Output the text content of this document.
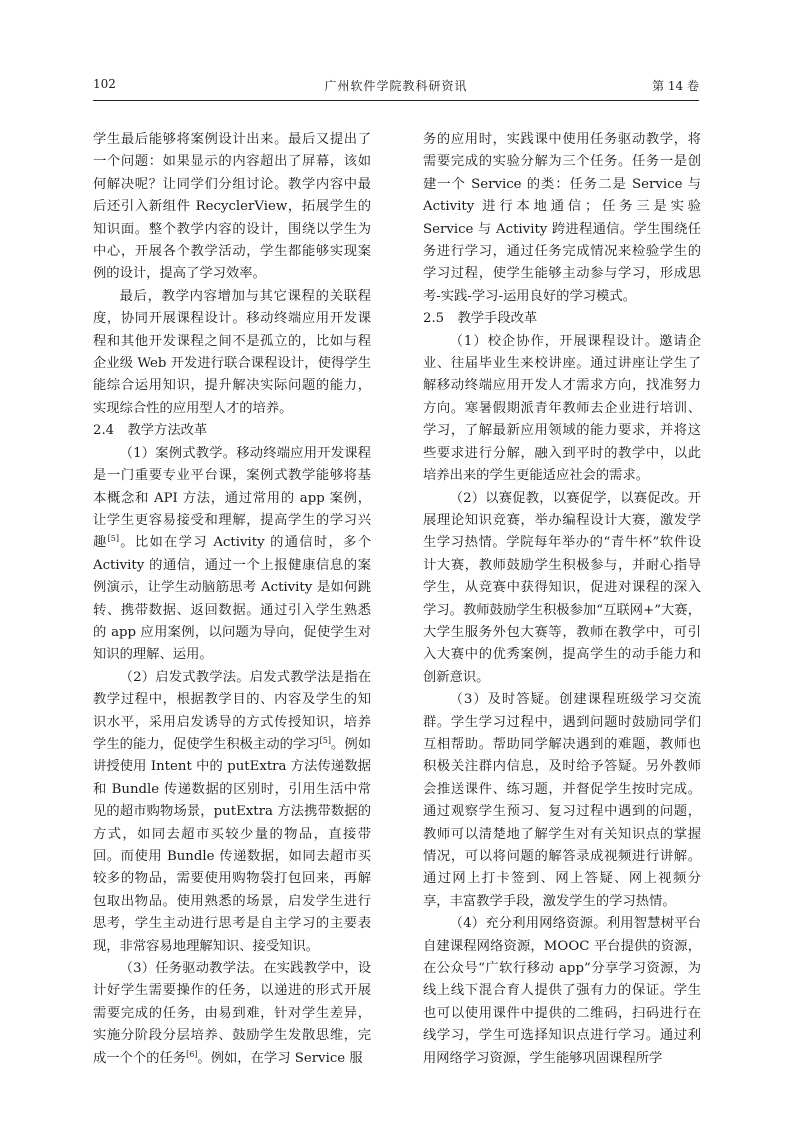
102	广州软件学院教科研资讯	第 14 卷

学生最后能够将案例设计出来。最后又提出了一个问题：如果显示的内容超出了屏幕，该如何解决呢？让同学们分组讨论。教学内容中最后还引入新组件 RecyclerView，拓展学生的知识面。整个教学内容的设计，围绕以学生为中心，开展各个教学活动，学生都能够实现案例的设计，提高了学习效率。

最后，教学内容增加与其它课程的关联程度，协同开展课程设计。移动终端应用开发课程和其他开发课程之间不是孤立的，比如与程企业级 Web 开发进行联合课程设计，使得学生能综合运用知识，提升解决实际问题的能力，实现综合性的应用型人才的培养。

2.4　教学方法改革

（1）案例式教学。移动终端应用开发课程是一门重要专业平台课，案例式教学能够将基本概念和 API 方法，通过常用的 app 案例，让学生更容易接受和理解，提高学生的学习兴趣[5]。比如在学习 Activity 的通信时，多个 Activity 的通信，通过一个上报健康信息的案例演示，让学生动脑筋思考 Activity 是如何跳转、携带数据、返回数据。通过引入学生熟悉的 app 应用案例，以问题为导向，促使学生对知识的理解、运用。

（2）启发式教学法。启发式教学法是指在教学过程中，根据教学目的、内容及学生的知识水平，采用启发诱导的方式传授知识，培养学生的能力，促使学生积极主动的学习[5]。例如讲授使用 Intent 中的 putExtra 方法传递数据和 Bundle 传递数据的区别时，引用生活中常见的超市购物场景，putExtra 方法携带数据的方式，如同去超市买较少量的物品，直接带回。而使用 Bundle 传递数据，如同去超市买较多的物品，需要使用购物袋打包回来，再解包取出物品。使用熟悉的场景，启发学生进行思考，学生主动进行思考是自主学习的主要表现，非常容易地理解知识、接受知识。

（3）任务驱动教学法。在实践教学中，设计好学生需要操作的任务，以递进的形式开展需要完成的任务，由易到难，针对学生差异，实施分阶段分层培养、鼓励学生发散思维，完成一个个的任务[6]。例如，在学习 Service 服

务的应用时，实践课中使用任务驱动教学，将需要完成的实验分解为三个任务。任务一是创建一个 Service 的类：任务二是 Service 与 Activity 进行本地通信；任务三是实验 Service 与 Activity 跨进程通信。学生围绕任务进行学习，通过任务完成情况来检验学生的学习过程，使学生能够主动参与学习，形成思考-实践-学习-运用良好的学习模式。

2.5　教学手段改革

（1）校企协作，开展课程设计。邀请企业、往届毕业生来校讲座。通过讲座让学生了解移动终端应用开发人才需求方向，找准努力方向。寒暑假期派青年教师去企业进行培训、学习，了解最新应用领域的能力要求，并将这些要求进行分解，融入到平时的教学中，以此培养出来的学生更能适应社会的需求。

（2）以赛促教，以赛促学，以赛促改。开展理论知识竞赛，举办编程设计大赛，激发学生学习热情。学院每年举办的“青牛杯”软件设计大赛，教师鼓励学生积极参与，并耐心指导学生，从竞赛中获得知识，促进对课程的深入学习。教师鼓励学生积极参加“互联网+”大赛，大学生服务外包大赛等，教师在教学中，可引入大赛中的优秀案例，提高学生的动手能力和创新意识。

（3）及时答疑。创建课程班级学习交流群。学生学习过程中，遇到问题时鼓励同学们互相帮助。帮助同学解决遇到的难题，教师也积极关注群内信息，及时给予答疑。另外教师会推送课件、练习题，并督促学生按时完成。通过观察学生预习、复习过程中遇到的问题，教师可以清楚地了解学生对有关知识点的掌握情况，可以将问题的解答录成视频进行讲解。通过网上打卡签到、网上答疑、网上视频分享，丰富教学手段，激发学生的学习热情。

（4）充分利用网络资源。利用智慧树平台自建课程网络资源，MOOC 平台提供的资源，在公众号“广软行移动 app”分享学习资源，为线上线下混合育人提供了强有力的保证。学生也可以使用课件中提供的二维码，扫码进行在线学习，学生可选择知识点进行学习。通过利用网络学习资源，学生能够巩固课程所学
